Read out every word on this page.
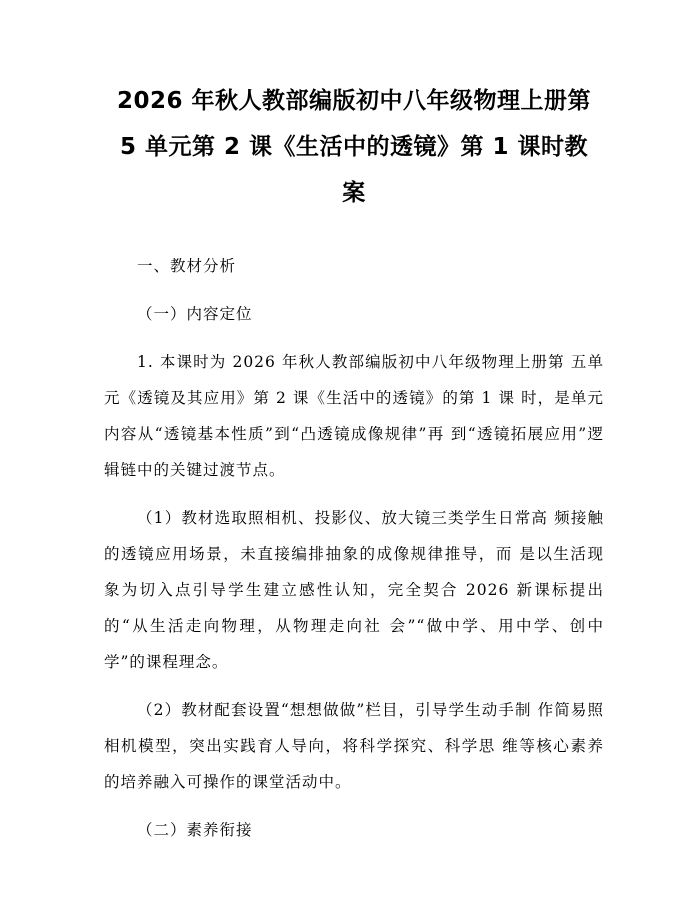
2026 年秋人教部编版初中八年级物理上册第
5 单元第 2 课《生活中的透镜》第 1 课时教
案

一、教材分析

（一）内容定位

1. 本课时为 2026 年秋人教部编版初中八年级物理上册第 五单元《透镜及其应用》第 2 课《生活中的透镜》的第 1 课 时，是单元内容从“透镜基本性质”到“凸透镜成像规律”再 到“透镜拓展应用”逻辑链中的关键过渡节点。

（1）教材选取照相机、投影仪、放大镜三类学生日常高 频接触的透镜应用场景，未直接编排抽象的成像规律推导，而 是以生活现象为切入点引导学生建立感性认知，完全契合 2026 新课标提出的“从生活走向物理，从物理走向社 会”“做中学、用中学、创中学”的课程理念。

（2）教材配套设置“想想做做”栏目，引导学生动手制 作简易照相机模型，突出实践育人导向，将科学探究、科学思 维等核心素养的培养融入可操作的课堂活动中。

（二）素养衔接
